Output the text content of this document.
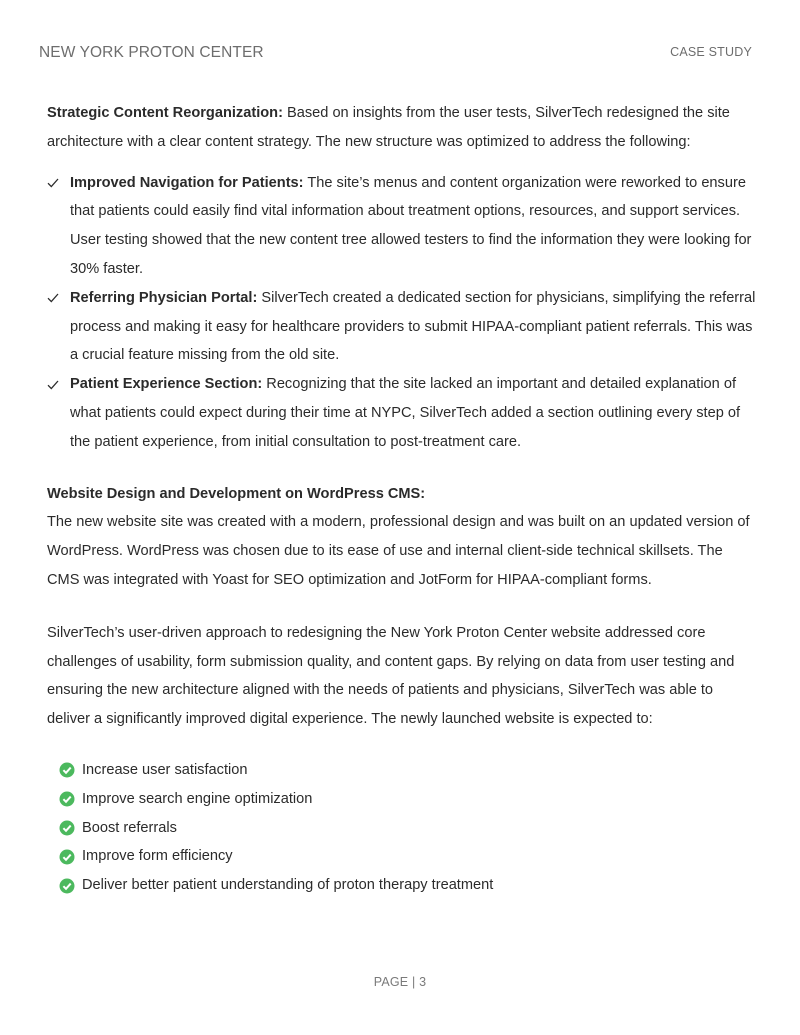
NEW YORK PROTON CENTER	CASE STUDY

Strategic Content Reorganization: Based on insights from the user tests, SilverTech redesigned the site architecture with a clear content strategy. The new structure was optimized to address the following:

Improved Navigation for Patients: The site’s menus and content organization were reworked to ensure that patients could easily find vital information about treatment options, resources, and support services. User testing showed that the new content tree allowed testers to find the information they were looking for 30% faster.
Referring Physician Portal: SilverTech created a dedicated section for physicians, simplifying the referral process and making it easy for healthcare providers to submit HIPAA-compliant patient referrals. This was a crucial feature missing from the old site.
Patient Experience Section: Recognizing that the site lacked an important and detailed explanation of what patients could expect during their time at NYPC, SilverTech added a section outlining every step of the patient experience, from initial consultation to post-treatment care.

Website Design and Development on WordPress CMS:

The new website site was created with a modern, professional design and was built on an updated version of WordPress. WordPress was chosen due to its ease of use and internal client-side technical skillsets. The CMS was integrated with Yoast for SEO optimization and JotForm for HIPAA-compliant forms.

SilverTech’s user-driven approach to redesigning the New York Proton Center website addressed core challenges of usability, form submission quality, and content gaps. By relying on data from user testing and ensuring the new architecture aligned with the needs of patients and physicians, SilverTech was able to deliver a significantly improved digital experience. The newly launched website is expected to:

Increase user satisfaction
Improve search engine optimization
Boost referrals
Improve form efficiency
Deliver better patient understanding of proton therapy treatment
PAGE | 3
